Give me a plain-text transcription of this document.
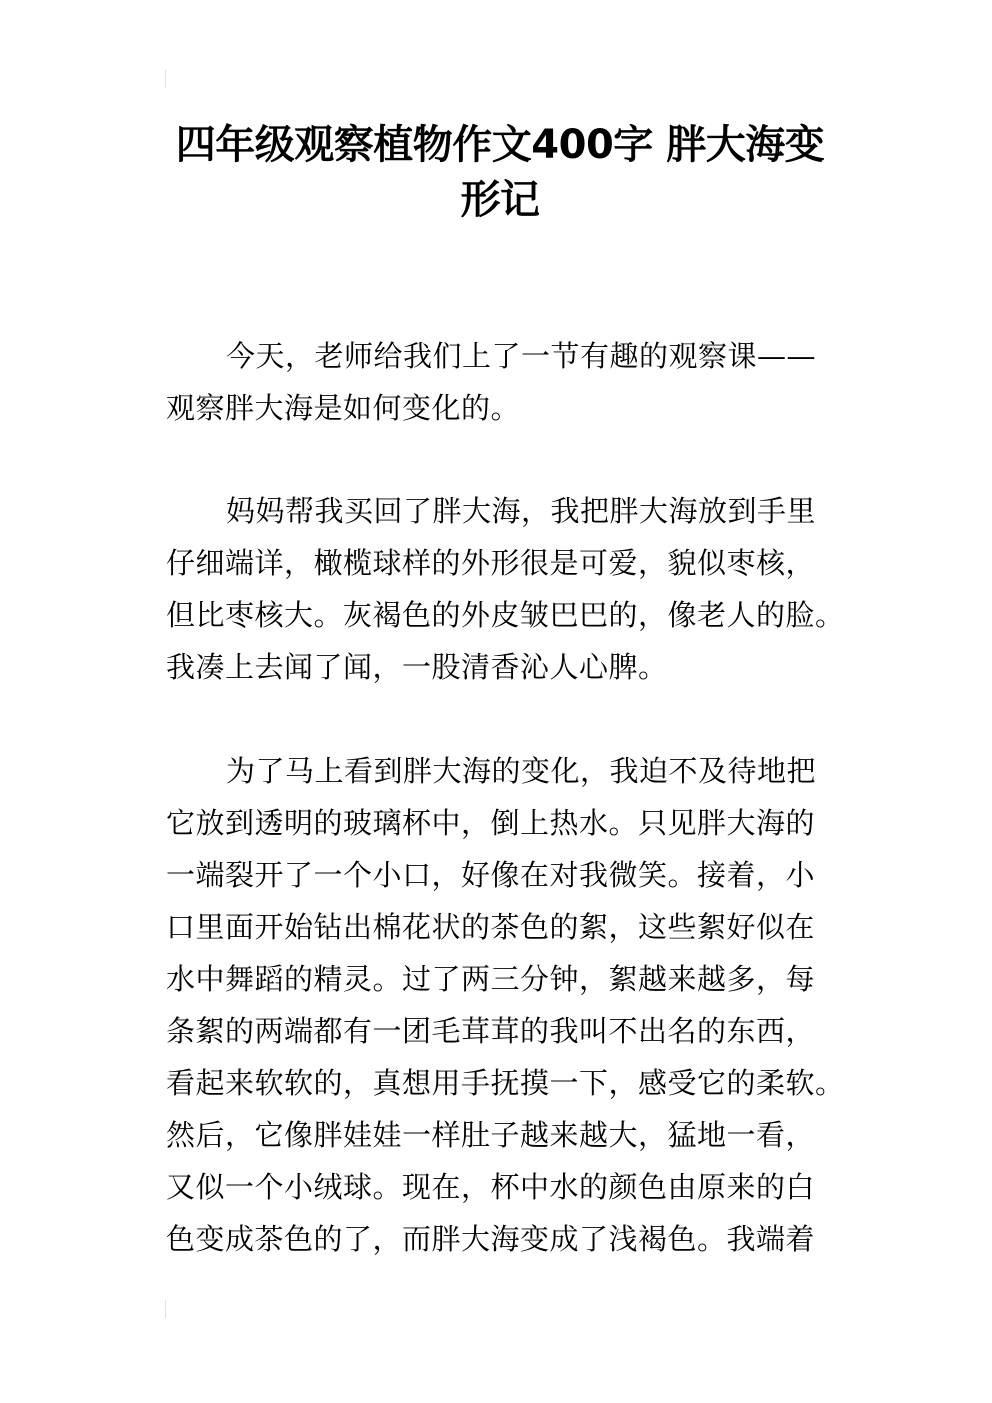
四年级观察植物作文400字 胖大海变
形记

今天，老师给我们上了一节有趣的观察课——
观察胖大海是如何变化的。

妈妈帮我买回了胖大海，我把胖大海放到手里
仔细端详，橄榄球样的外形很是可爱，貌似枣核，
但比枣核大。灰褐色的外皮皱巴巴的，像老人的脸。
我凑上去闻了闻，一股清香沁人心脾。

为了马上看到胖大海的变化，我迫不及待地把
它放到透明的玻璃杯中，倒上热水。只见胖大海的
一端裂开了一个小口，好像在对我微笑。接着，小
口里面开始钻出棉花状的茶色的絮，这些絮好似在
水中舞蹈的精灵。过了两三分钟，絮越来越多，每
条絮的两端都有一团毛茸茸的我叫不出名的东西，
看起来软软的，真想用手抚摸一下，感受它的柔软。
然后，它像胖娃娃一样肚子越来越大，猛地一看，
又似一个小绒球。现在，杯中水的颜色由原来的白
色变成茶色的了，而胖大海变成了浅褐色。我端着
